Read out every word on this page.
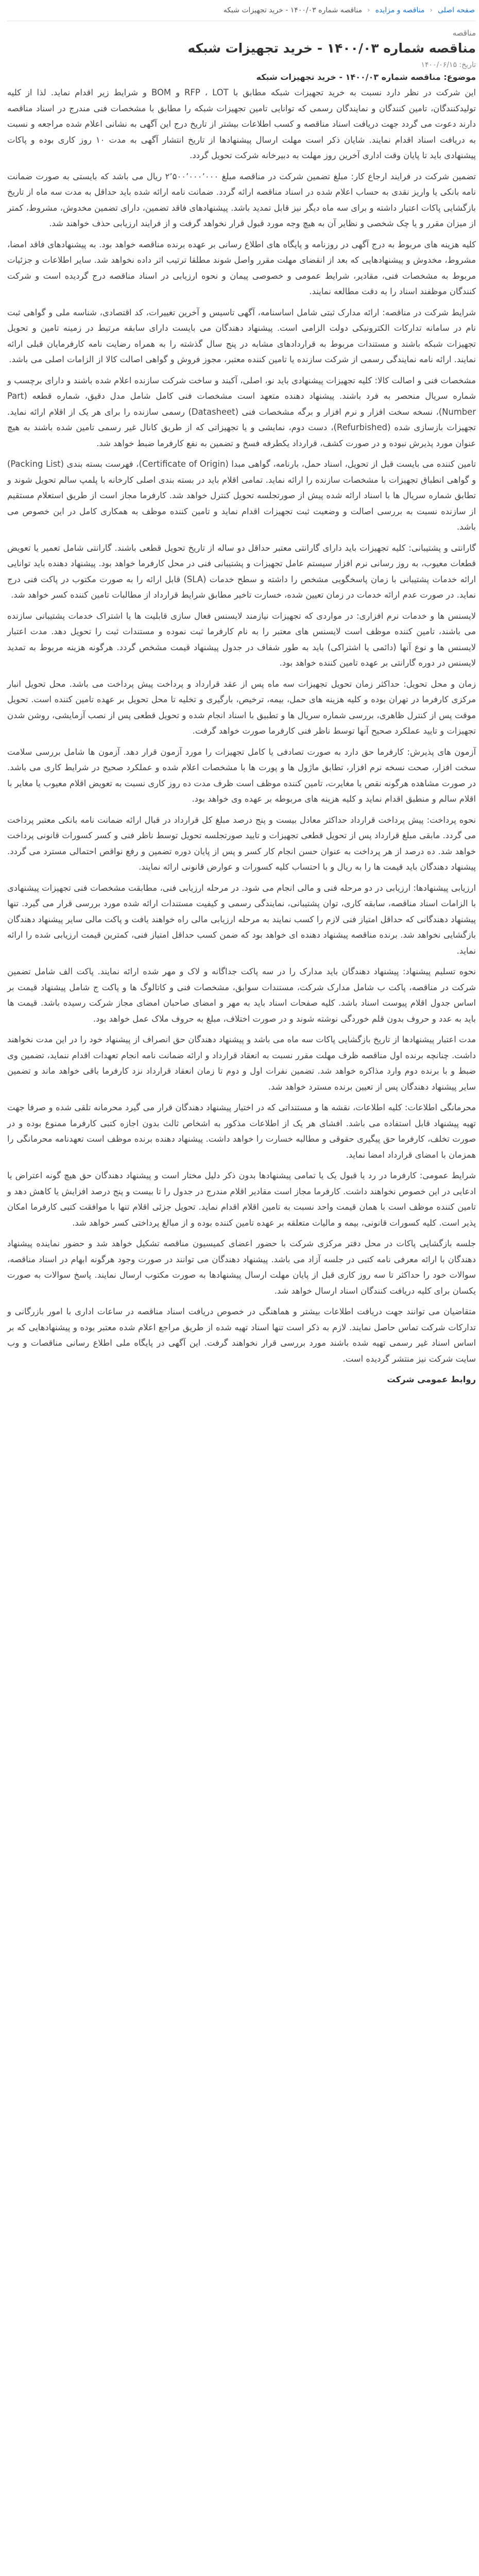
صفحه اصلی
‹
مناقصه و مزایده
‹
مناقصه شماره ۱۴۰۰/۰۳ - خرید تجهیزات شبکه
مناقصه
مناقصه شماره ۱۴۰۰/۰۳ - خرید تجهیزات شبکه
تاریخ: ۱۴۰۰/۰۶/۱۵
موضوع: مناقصه شماره ۱۴۰۰/۰۳ - خرید تجهیزات شبکه

این شرکت در نظر دارد نسبت به خرید تجهیزات شبکه مطابق با RFP ، LOT و BOM و شرایط زیر اقدام نماید. لذا از کلیه تولیدکنندگان، تامین کنندگان و نمایندگان رسمی که توانایی تامین تجهیزات شبکه را مطابق با مشخصات فنی مندرج در اسناد مناقصه دارند دعوت می گردد جهت دریافت اسناد مناقصه و کسب اطلاعات بیشتر از تاریخ درج این آگهی به نشانی اعلام شده مراجعه و نسبت به دریافت اسناد اقدام نمایند. شایان ذکر است مهلت ارسال پیشنهادها از تاریخ انتشار آگهی به مدت ۱۰ روز کاری بوده و پاکات پیشنهادی باید تا پایان وقت اداری آخرین روز مهلت به دبیرخانه شرکت تحویل گردد.

تضمین شرکت در فرایند ارجاع کار: مبلغ تضمین شرکت در مناقصه مبلغ ۲٬۵۰۰٬۰۰۰٬۰۰۰ ریال می باشد که بایستی به صورت ضمانت نامه بانکی یا واریز نقدی به حساب اعلام شده در اسناد مناقصه ارائه گردد. ضمانت نامه ارائه شده باید حداقل به مدت سه ماه از تاریخ بازگشایی پاکات اعتبار داشته و برای سه ماه دیگر نیز قابل تمدید باشد. پیشنهادهای فاقد تضمین، دارای تضمین مخدوش، مشروط، کمتر از میزان مقرر و یا چک شخصی و نظایر آن به هیچ وجه مورد قبول قرار نخواهد گرفت و از فرایند ارزیابی حذف خواهند شد.

کلیه هزینه های مربوط به درج آگهی در روزنامه و پایگاه های اطلاع رسانی بر عهده برنده مناقصه خواهد بود. به پیشنهادهای فاقد امضا، مشروط، مخدوش و پیشنهادهایی که بعد از انقضای مهلت مقرر واصل شوند مطلقا ترتیب اثر داده نخواهد شد. سایر اطلاعات و جزئیات مربوط به مشخصات فنی، مقادیر، شرایط عمومی و خصوصی پیمان و نحوه ارزیابی در اسناد مناقصه درج گردیده است و شرکت کنندگان موظفند اسناد را به دقت مطالعه نمایند.

شرایط شرکت در مناقصه: ارائه مدارک ثبتی شامل اساسنامه، آگهی تاسیس و آخرین تغییرات، کد اقتصادی، شناسه ملی و گواهی ثبت نام در سامانه تدارکات الکترونیکی دولت الزامی است. پیشنهاد دهندگان می بایست دارای سابقه مرتبط در زمینه تامین و تحویل تجهیزات شبکه باشند و مستندات مربوط به قراردادهای مشابه در پنج سال گذشته را به همراه رضایت نامه کارفرمایان قبلی ارائه نمایند. ارائه نامه نمایندگی رسمی از شرکت سازنده یا تامین کننده معتبر، مجوز فروش و گواهی اصالت کالا از الزامات اصلی می باشد.

مشخصات فنی و اصالت کالا: کلیه تجهیزات پیشنهادی باید نو، اصلی، آکبند و ساخت شرکت سازنده اعلام شده باشند و دارای برچسب و شماره سریال منحصر به فرد باشند. پیشنهاد دهنده متعهد است مشخصات فنی کامل شامل مدل دقیق، شماره قطعه (Part Number)، نسخه سخت افزار و نرم افزار و برگه مشخصات فنی (Datasheet) رسمی سازنده را برای هر یک از اقلام ارائه نماید. تجهیزات بازسازی شده (Refurbished)، دست دوم، نمایشی و یا تجهیزاتی که از طریق کانال غیر رسمی تامین شده باشند به هیچ عنوان مورد پذیرش نبوده و در صورت کشف، قرارداد یکطرفه فسخ و تضمین به نفع کارفرما ضبط خواهد شد.

تامین کننده می بایست قبل از تحویل، اسناد حمل، بارنامه، گواهی مبدا (Certificate of Origin)، فهرست بسته بندی (Packing List) و گواهی انطباق تجهیزات با مشخصات سازنده را ارائه نماید. تمامی اقلام باید در بسته بندی اصلی کارخانه با پلمپ سالم تحویل شوند و تطابق شماره سریال ها با اسناد ارائه شده پیش از صورتجلسه تحویل کنترل خواهد شد. کارفرما مجاز است از طریق استعلام مستقیم از سازنده نسبت به بررسی اصالت و وضعیت ثبت تجهیزات اقدام نماید و تامین کننده موظف به همکاری کامل در این خصوص می باشد.

گارانتی و پشتیبانی: کلیه تجهیزات باید دارای گارانتی معتبر حداقل دو ساله از تاریخ تحویل قطعی باشند. گارانتی شامل تعمیر یا تعویض قطعات معیوب، به روز رسانی نرم افزار سیستم عامل تجهیزات و پشتیبانی فنی در محل کارفرما خواهد بود. پیشنهاد دهنده باید توانایی ارائه خدمات پشتیبانی با زمان پاسخگویی مشخص را داشته و سطح خدمات (SLA) قابل ارائه را به صورت مکتوب در پاکت فنی درج نماید. در صورت عدم ارائه خدمات در زمان تعیین شده، خسارت تاخیر مطابق شرایط قرارداد از مطالبات تامین کننده کسر خواهد شد.

لایسنس ها و خدمات نرم افزاری: در مواردی که تجهیزات نیازمند لایسنس فعال سازی قابلیت ها یا اشتراک خدمات پشتیبانی سازنده می باشند، تامین کننده موظف است لایسنس های معتبر را به نام کارفرما ثبت نموده و مستندات ثبت را تحویل دهد. مدت اعتبار لایسنس ها و نوع آنها (دائمی یا اشتراکی) باید به طور شفاف در جدول پیشنهاد قیمت مشخص گردد. هرگونه هزینه مربوط به تمدید لایسنس در دوره گارانتی بر عهده تامین کننده خواهد بود.

زمان و محل تحویل: حداکثر زمان تحویل تجهیزات سه ماه پس از عقد قرارداد و پرداخت پیش پرداخت می باشد. محل تحویل انبار مرکزی کارفرما در تهران بوده و کلیه هزینه های حمل، بیمه، ترخیص، بارگیری و تخلیه تا محل تحویل بر عهده تامین کننده است. تحویل موقت پس از کنترل ظاهری، بررسی شماره سریال ها و تطبیق با اسناد انجام شده و تحویل قطعی پس از نصب آزمایشی، روشن شدن تجهیزات و تایید عملکرد صحیح آنها توسط ناظر فنی کارفرما صورت خواهد گرفت.

آزمون های پذیرش: کارفرما حق دارد به صورت تصادفی یا کامل تجهیزات را مورد آزمون قرار دهد. آزمون ها شامل بررسی سلامت سخت افزار، صحت نسخه نرم افزار، تطابق ماژول ها و پورت ها با مشخصات اعلام شده و عملکرد صحیح در شرایط کاری می باشد. در صورت مشاهده هرگونه نقص یا مغایرت، تامین کننده موظف است ظرف مدت ده روز کاری نسبت به تعویض اقلام معیوب یا مغایر با اقلام سالم و منطبق اقدام نماید و کلیه هزینه های مربوطه بر عهده وی خواهد بود.

نحوه پرداخت: پیش پرداخت قرارداد حداکثر معادل بیست و پنج درصد مبلغ کل قرارداد در قبال ارائه ضمانت نامه بانکی معتبر پرداخت می گردد. مابقی مبلغ قرارداد پس از تحویل قطعی تجهیزات و تایید صورتجلسه تحویل توسط ناظر فنی و کسر کسورات قانونی پرداخت خواهد شد. ده درصد از هر پرداخت به عنوان حسن انجام کار کسر و پس از پایان دوره تضمین و رفع نواقص احتمالی مسترد می گردد. پیشنهاد دهندگان باید قیمت ها را به ریال و با احتساب کلیه کسورات و عوارض قانونی ارائه نمایند.

ارزیابی پیشنهادها: ارزیابی در دو مرحله فنی و مالی انجام می شود. در مرحله ارزیابی فنی، مطابقت مشخصات فنی تجهیزات پیشنهادی با الزامات اسناد مناقصه، سابقه کاری، توان پشتیبانی، نمایندگی رسمی و کیفیت مستندات ارائه شده مورد بررسی قرار می گیرد. تنها پیشنهاد دهندگانی که حداقل امتیاز فنی لازم را کسب نمایند به مرحله ارزیابی مالی راه خواهند یافت و پاکت مالی سایر پیشنهاد دهندگان بازگشایی نخواهد شد. برنده مناقصه پیشنهاد دهنده ای خواهد بود که ضمن کسب حداقل امتیاز فنی، کمترین قیمت ارزیابی شده را ارائه نماید.

نحوه تسلیم پیشنهاد: پیشنهاد دهندگان باید مدارک را در سه پاکت جداگانه و لاک و مهر شده ارائه نمایند. پاکت الف شامل تضمین شرکت در مناقصه، پاکت ب شامل مدارک شرکت، مستندات سوابق، مشخصات فنی و کاتالوگ ها و پاکت ج شامل پیشنهاد قیمت بر اساس جدول اقلام پیوست اسناد باشد. کلیه صفحات اسناد باید به مهر و امضای صاحبان امضای مجاز شرکت رسیده باشد. قیمت ها باید به عدد و حروف بدون قلم خوردگی نوشته شوند و در صورت اختلاف، مبلغ به حروف ملاک عمل خواهد بود.

مدت اعتبار پیشنهادها از تاریخ بازگشایی پاکات سه ماه می باشد و پیشنهاد دهندگان حق انصراف از پیشنهاد خود را در این مدت نخواهند داشت. چنانچه برنده اول مناقصه ظرف مهلت مقرر نسبت به انعقاد قرارداد و ارائه ضمانت نامه انجام تعهدات اقدام ننماید، تضمین وی ضبط و با برنده دوم وارد مذاکره خواهد شد. تضمین نفرات اول و دوم تا زمان انعقاد قرارداد نزد کارفرما باقی خواهد ماند و تضمین سایر پیشنهاد دهندگان پس از تعیین برنده مسترد خواهد شد.

محرمانگی اطلاعات: کلیه اطلاعات، نقشه ها و مستنداتی که در اختیار پیشنهاد دهندگان قرار می گیرد محرمانه تلقی شده و صرفا جهت تهیه پیشنهاد قابل استفاده می باشد. افشای هر یک از اطلاعات مذکور به اشخاص ثالث بدون اجازه کتبی کارفرما ممنوع بوده و در صورت تخلف، کارفرما حق پیگیری حقوقی و مطالبه خسارت را خواهد داشت. پیشنهاد دهنده برنده موظف است تعهدنامه محرمانگی را همزمان با امضای قرارداد امضا نماید.

شرایط عمومی: کارفرما در رد یا قبول یک یا تمامی پیشنهادها بدون ذکر دلیل مختار است و پیشنهاد دهندگان حق هیچ گونه اعتراض یا ادعایی در این خصوص نخواهند داشت. کارفرما مجاز است مقادیر اقلام مندرج در جدول را تا بیست و پنج درصد افزایش یا کاهش دهد و تامین کننده موظف است با همان قیمت واحد نسبت به تامین اقلام اقدام نماید. تحویل جزئی اقلام تنها با موافقت کتبی کارفرما امکان پذیر است. کلیه کسورات قانونی، بیمه و مالیات متعلقه بر عهده تامین کننده بوده و از مبالغ پرداختی کسر خواهد شد.

جلسه بازگشایی پاکات در محل دفتر مرکزی شرکت با حضور اعضای کمیسیون مناقصه تشکیل خواهد شد و حضور نماینده پیشنهاد دهندگان با ارائه معرفی نامه کتبی در جلسه آزاد می باشد. پیشنهاد دهندگان می توانند در صورت وجود هرگونه ابهام در اسناد مناقصه، سوالات خود را حداکثر تا سه روز کاری قبل از پایان مهلت ارسال پیشنهادها به صورت مکتوب ارسال نمایند. پاسخ سوالات به صورت یکسان برای کلیه دریافت کنندگان اسناد ارسال خواهد شد.

متقاضیان می توانند جهت دریافت اطلاعات بیشتر و هماهنگی در خصوص دریافت اسناد مناقصه در ساعات اداری با امور بازرگانی و تدارکات شرکت تماس حاصل نمایند. لازم به ذکر است تنها اسناد تهیه شده از طریق مراجع اعلام شده معتبر بوده و پیشنهادهایی که بر اساس اسناد غیر رسمی تهیه شده باشند مورد بررسی قرار نخواهند گرفت. این آگهی در پایگاه ملی اطلاع رسانی مناقصات و وب سایت شرکت نیز منتشر گردیده است.

روابط عمومی شرکت
